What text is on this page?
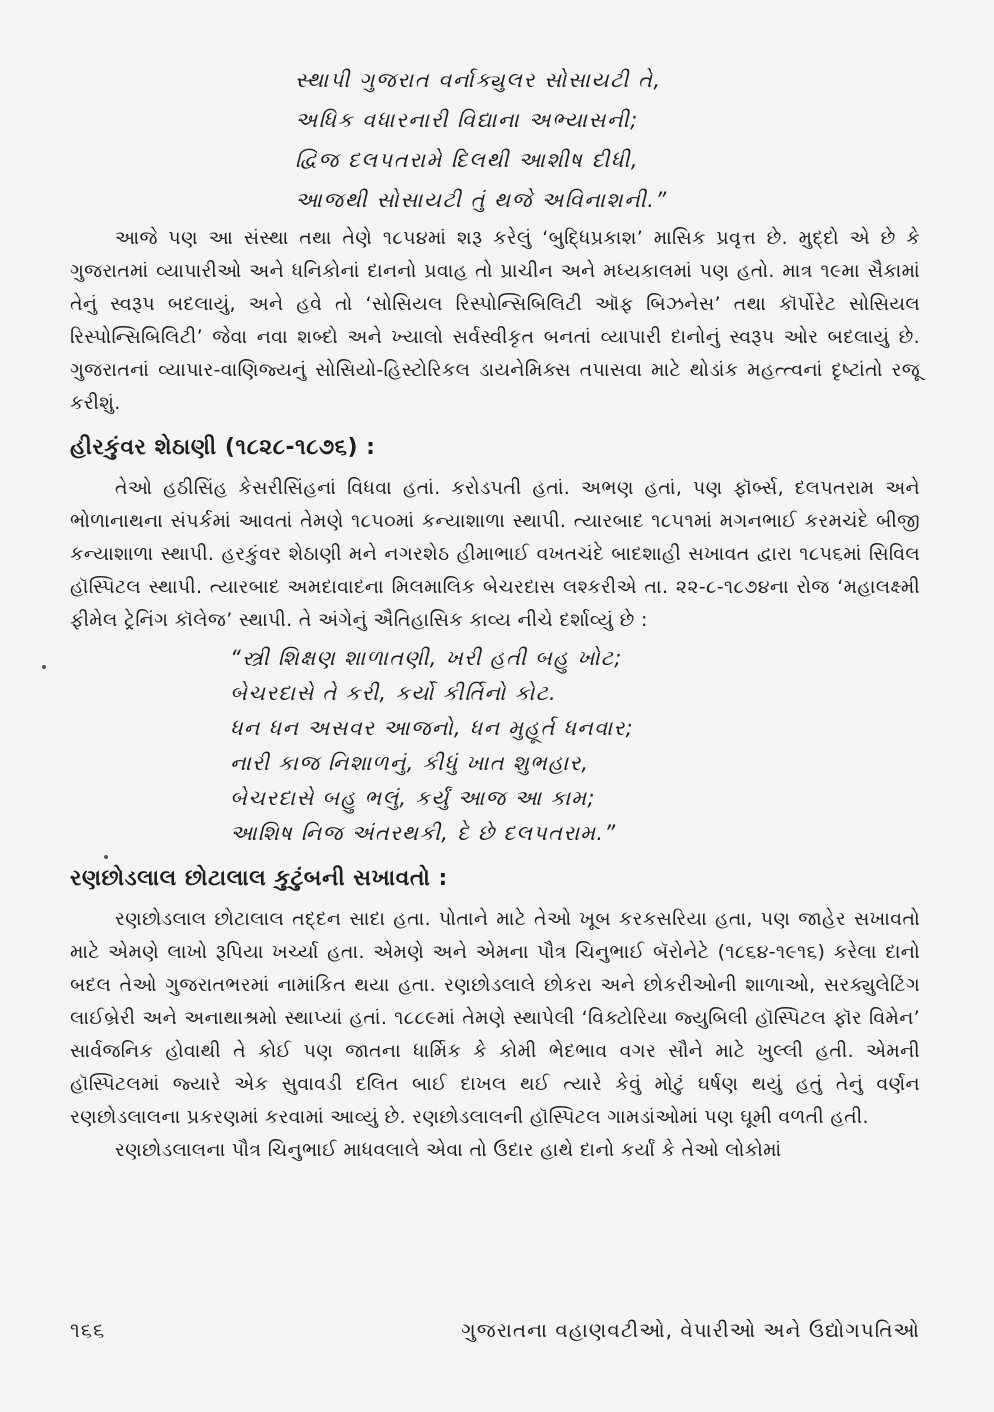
સ્થાપી ગુજરાત વર્નાક્યુલર સોસાયટી તે,
અધિક વધારનારી વિદ્યાના અભ્યાસની;
દ્વિજ દલપતરામે દિલથી આશીષ દીધી,
આજથી સોસાયટી તું થજે અવિનાશની.”

આજે પણ આ સંસ્થા તથા તેણે ૧૮૫૪માં શરૂ કરેલું ‘બુદ્ધિપ્રકાશ’ માસિક પ્રવૃત્ત છે. મુદ્દો એ છે કે ગુજરાતમાં વ્યાપારીઓ અને ધનિકોનાં દાનનો પ્રવાહ તો પ્રાચીન અને મધ્યકાલમાં પણ હતો. માત્ર ૧૯મા સૈકામાં તેનું સ્વરૂપ બદલાયું, અને હવે તો ‘સોસિયલ રિસ્પોન્સિબિલિટી ઑફ બિઝનેસ’ તથા કૉર્પોરેટ સોસિયલ રિસ્પોન્સિબિલિટી’ જેવા નવા શબ્દો અને ખ્યાલો સર્વસ્વીકૃત બનતાં વ્યાપારી દાનોનું સ્વરૂપ ઓર બદલાયું છે. ગુજરાતનાં વ્યાપાર-વાણિજ્યનું સોસિયો-હિસ્ટોરિકલ ડાયનેમિક્સ તપાસવા માટે થોડાંક મહત્ત્વનાં દૃષ્ટાંતો રજૂ કરીશું.

હીરકુંવર શેઠાણી (૧૮૨૮-૧૮૭૬) :

તેઓ હઠીસિંહ કેસરીસિંહનાં વિધવા હતાં. કરોડપતી હતાં. અભણ હતાં, પણ ફૉર્બ્સ, દલપતરામ અને ભોળાનાથના સંપર્કમાં આવતાં તેમણે ૧૮૫૦માં કન્યાશાળા સ્થાપી. ત્યારબાદ ૧૮૫૧માં મગનભાઈ કરમચંદે બીજી કન્યાશાળા સ્થાપી. હરકુંવર શેઠાણી મને નગરશેઠ હીમાભાઈ વખતચંદે બાદશાહી સખાવત દ્વારા ૧૮૫૬માં સિવિલ હૉસ્પિટલ સ્થાપી. ત્યારબાદ અમદાવાદના મિલમાલિક બેચરદાસ લશ્કરીએ તા. ૨૨-૮-૧૮૭૪ના રોજ ‘મહાલક્ષ્મી ફીમેલ ટ્રેનિંગ કૉલેજ’ સ્થાપી. તે અંગેનું ઐતિહાસિક કાવ્ય નીચે દર્શાવ્યું છે :

“સ્ત્રી શિક્ષણ શાળાતણી, ખરી હતી બહુ ખોટ;
બેચરદાસે તે કરી, કર્યો કીર્તિનો કોટ.
ધન ધન અસવર આજનો, ધન મુહૂર્ત ધનવાર;
નારી કાજ નિશાળનું, કીધું ખાત શુભહાર,
બેચરદાસે બહુ ભલું, કર્યું આજ આ કામ;
આશિષ નિજ અંતરથકી, દે છે દલપતરામ.”
રણછોડલાલ છોટાલાલ કુટુંબની સખાવતો :

રણછોડલાલ છોટાલાલ તદ્દન સાદા હતા. પોતાને માટે તેઓ ખૂબ કરકસરિયા હતા, પણ જાહેર સખાવતો માટે એમણે લાખો રૂપિયા ખર્ચ્યા હતા. એમણે અને એમના પૌત્ર ચિનુભાઈ બૅરોનેટે (૧૮૬૪-૧૯૧૬) કરેલા દાનો બદલ તેઓ ગુજરાતભરમાં નામાંકિત થયા હતા. રણછોડલાલે છોકરા અને છોકરીઓની શાળાઓ, સરક્યુલેટિંગ લાઈબ્રેરી અને અનાથાશ્રમો સ્થાપ્યાં હતાં. ૧૮૮૯માં તેમણે સ્થાપેલી ‘વિક્ટોરિયા જ્યુબિલી હૉસ્પિટલ ફૉર વિમેન’ સાર્વજનિક હોવાથી તે કોઈ પણ જાતના ધાર્મિક કે કોમી ભેદભાવ વગર સૌને માટે ખુલ્લી હતી. એમની હૉસ્પિટલમાં જ્યારે એક સુવાવડી દલિત બાઈ દાખલ થઈ ત્યારે કેવું મોટું ઘર્ષણ થયું હતું તેનું વર્ણન રણછોડલાલના પ્રકરણમાં કરવામાં આવ્યું છે. રણછોડલાલની હૉસ્પિટલ ગામડાંઓમાં પણ ઘૂમી વળતી હતી.

રણછોડલાલના પૌત્ર ચિનુભાઈ માધવલાલે એવા તો ઉદાર હાથે દાનો કર્યાં કે તેઓ લોકોમાં

૧૬૬	ગુજરાતના વહાણવટીઓ, વેપારીઓ અને ઉદ્યોગપતિઓ
